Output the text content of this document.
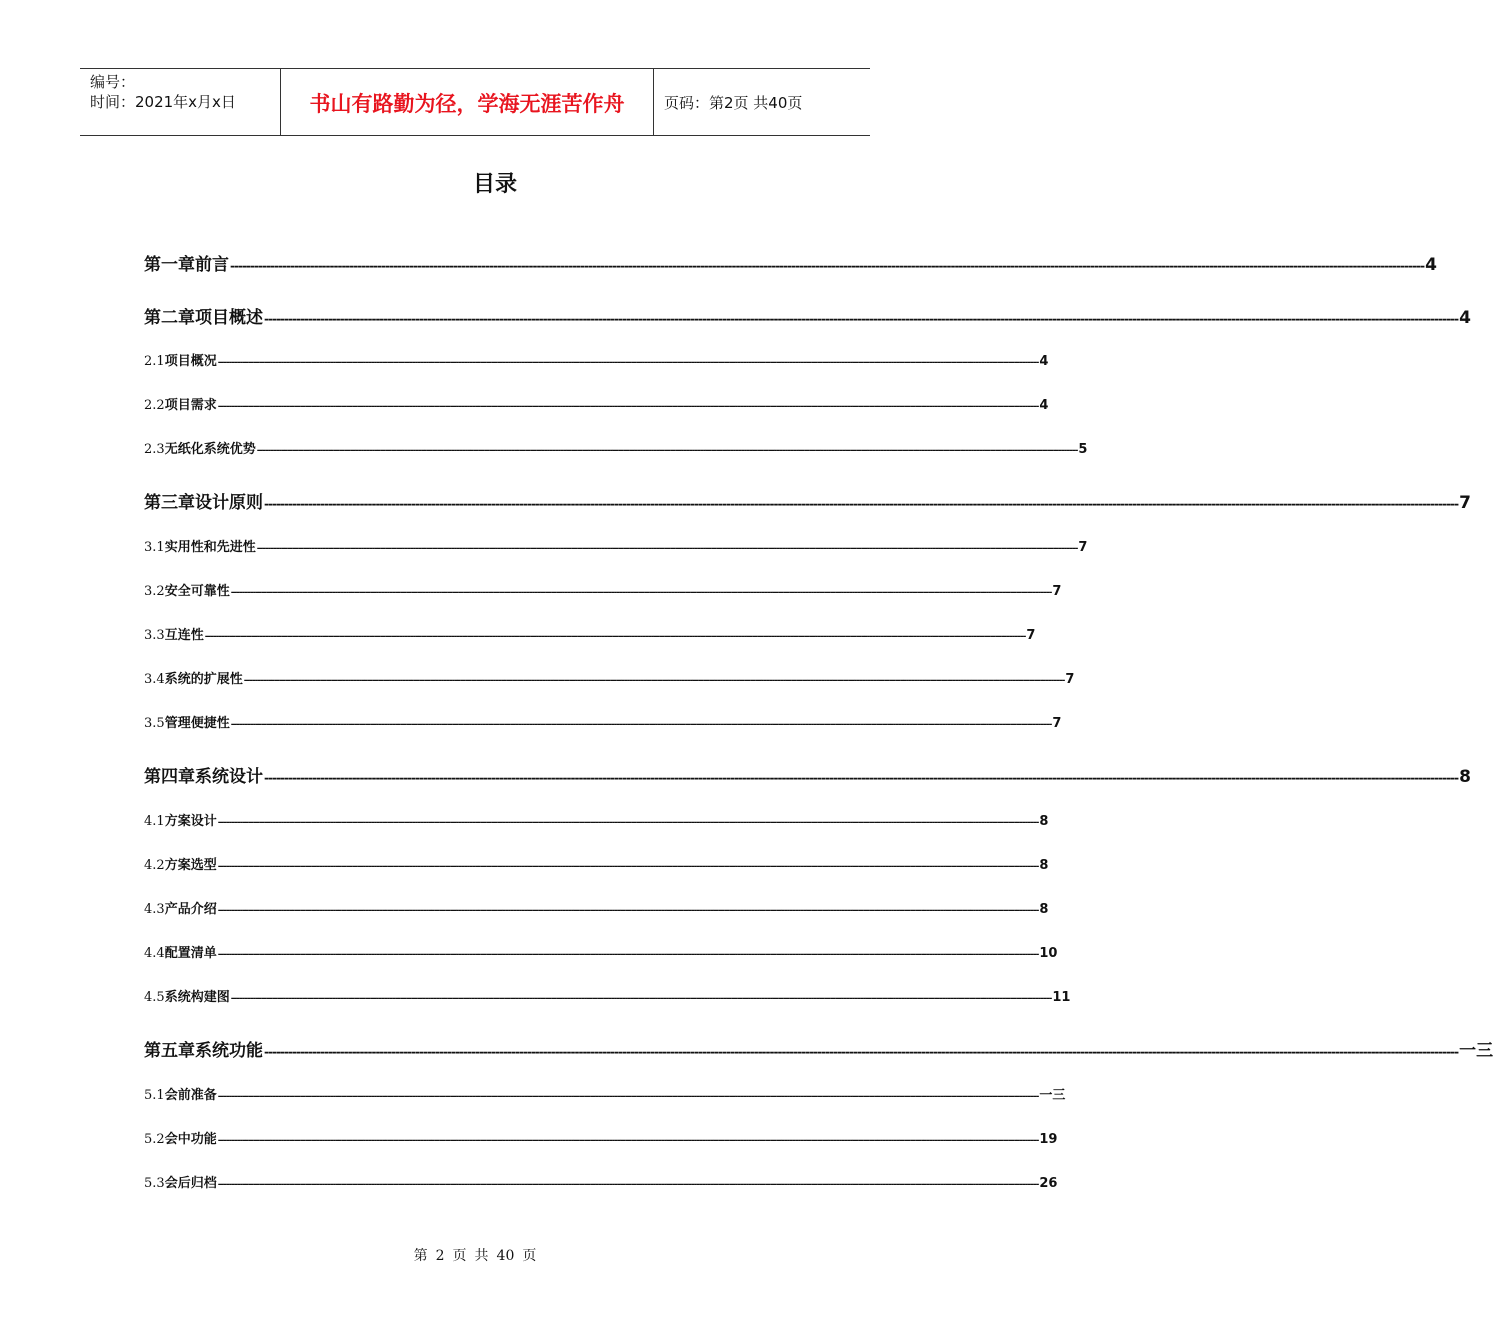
编号：
时间：2021年x月x日	书山有路勤为径，学海无涯苦作舟	页码：第2页 共40页
目录
第一章 前言 ------------------------------------------------------------------------------------------------------------------------------------------------------------------------------------------------------------------------------------------------------------------------------------------------------------ 4
第二章 项目概述 ------------------------------------------------------------------------------------------------------------------------------------------------------------------------------------------------------------------------------------------------------------------------------------------------------------ 4
2.1 项目概况 ------------------------------------------------------------------------------------------------------------------------------------------------------------------------------------------------------------------------------------------------------------------------------------------------------------ 4
2.2 项目需求 ------------------------------------------------------------------------------------------------------------------------------------------------------------------------------------------------------------------------------------------------------------------------------------------------------------ 4
2.3 无纸化系统优势 ------------------------------------------------------------------------------------------------------------------------------------------------------------------------------------------------------------------------------------------------------------------------------------------------------------ 5
第三章 设计原则 ------------------------------------------------------------------------------------------------------------------------------------------------------------------------------------------------------------------------------------------------------------------------------------------------------------ 7
3.1 实用性和先进性 ------------------------------------------------------------------------------------------------------------------------------------------------------------------------------------------------------------------------------------------------------------------------------------------------------------ 7
3.2 安全可靠性 ------------------------------------------------------------------------------------------------------------------------------------------------------------------------------------------------------------------------------------------------------------------------------------------------------------ 7
3.3 互连性 ------------------------------------------------------------------------------------------------------------------------------------------------------------------------------------------------------------------------------------------------------------------------------------------------------------ 7
3.4 系统的扩展性 ------------------------------------------------------------------------------------------------------------------------------------------------------------------------------------------------------------------------------------------------------------------------------------------------------------ 7
3.5 管理便捷性 ------------------------------------------------------------------------------------------------------------------------------------------------------------------------------------------------------------------------------------------------------------------------------------------------------------ 7
第四章 系统设计 ------------------------------------------------------------------------------------------------------------------------------------------------------------------------------------------------------------------------------------------------------------------------------------------------------------ 8
4.1 方案设计 ------------------------------------------------------------------------------------------------------------------------------------------------------------------------------------------------------------------------------------------------------------------------------------------------------------ 8
4.2 方案选型 ------------------------------------------------------------------------------------------------------------------------------------------------------------------------------------------------------------------------------------------------------------------------------------------------------------ 8
4.3 产品介绍 ------------------------------------------------------------------------------------------------------------------------------------------------------------------------------------------------------------------------------------------------------------------------------------------------------------ 8
4.4 配置清单 ------------------------------------------------------------------------------------------------------------------------------------------------------------------------------------------------------------------------------------------------------------------------------------------------------------ 10
4.5 系统构建图 ------------------------------------------------------------------------------------------------------------------------------------------------------------------------------------------------------------------------------------------------------------------------------------------------------------ 11
第五章 系统功能 ------------------------------------------------------------------------------------------------------------------------------------------------------------------------------------------------------------------------------------------------------------------------------------------------------------ 一三
5.1 会前准备 ------------------------------------------------------------------------------------------------------------------------------------------------------------------------------------------------------------------------------------------------------------------------------------------------------------ 一三
5.2 会中功能 ------------------------------------------------------------------------------------------------------------------------------------------------------------------------------------------------------------------------------------------------------------------------------------------------------------ 19
5.3 会后归档 ------------------------------------------------------------------------------------------------------------------------------------------------------------------------------------------------------------------------------------------------------------------------------------------------------------ 26
第 2 页 共 40 页
